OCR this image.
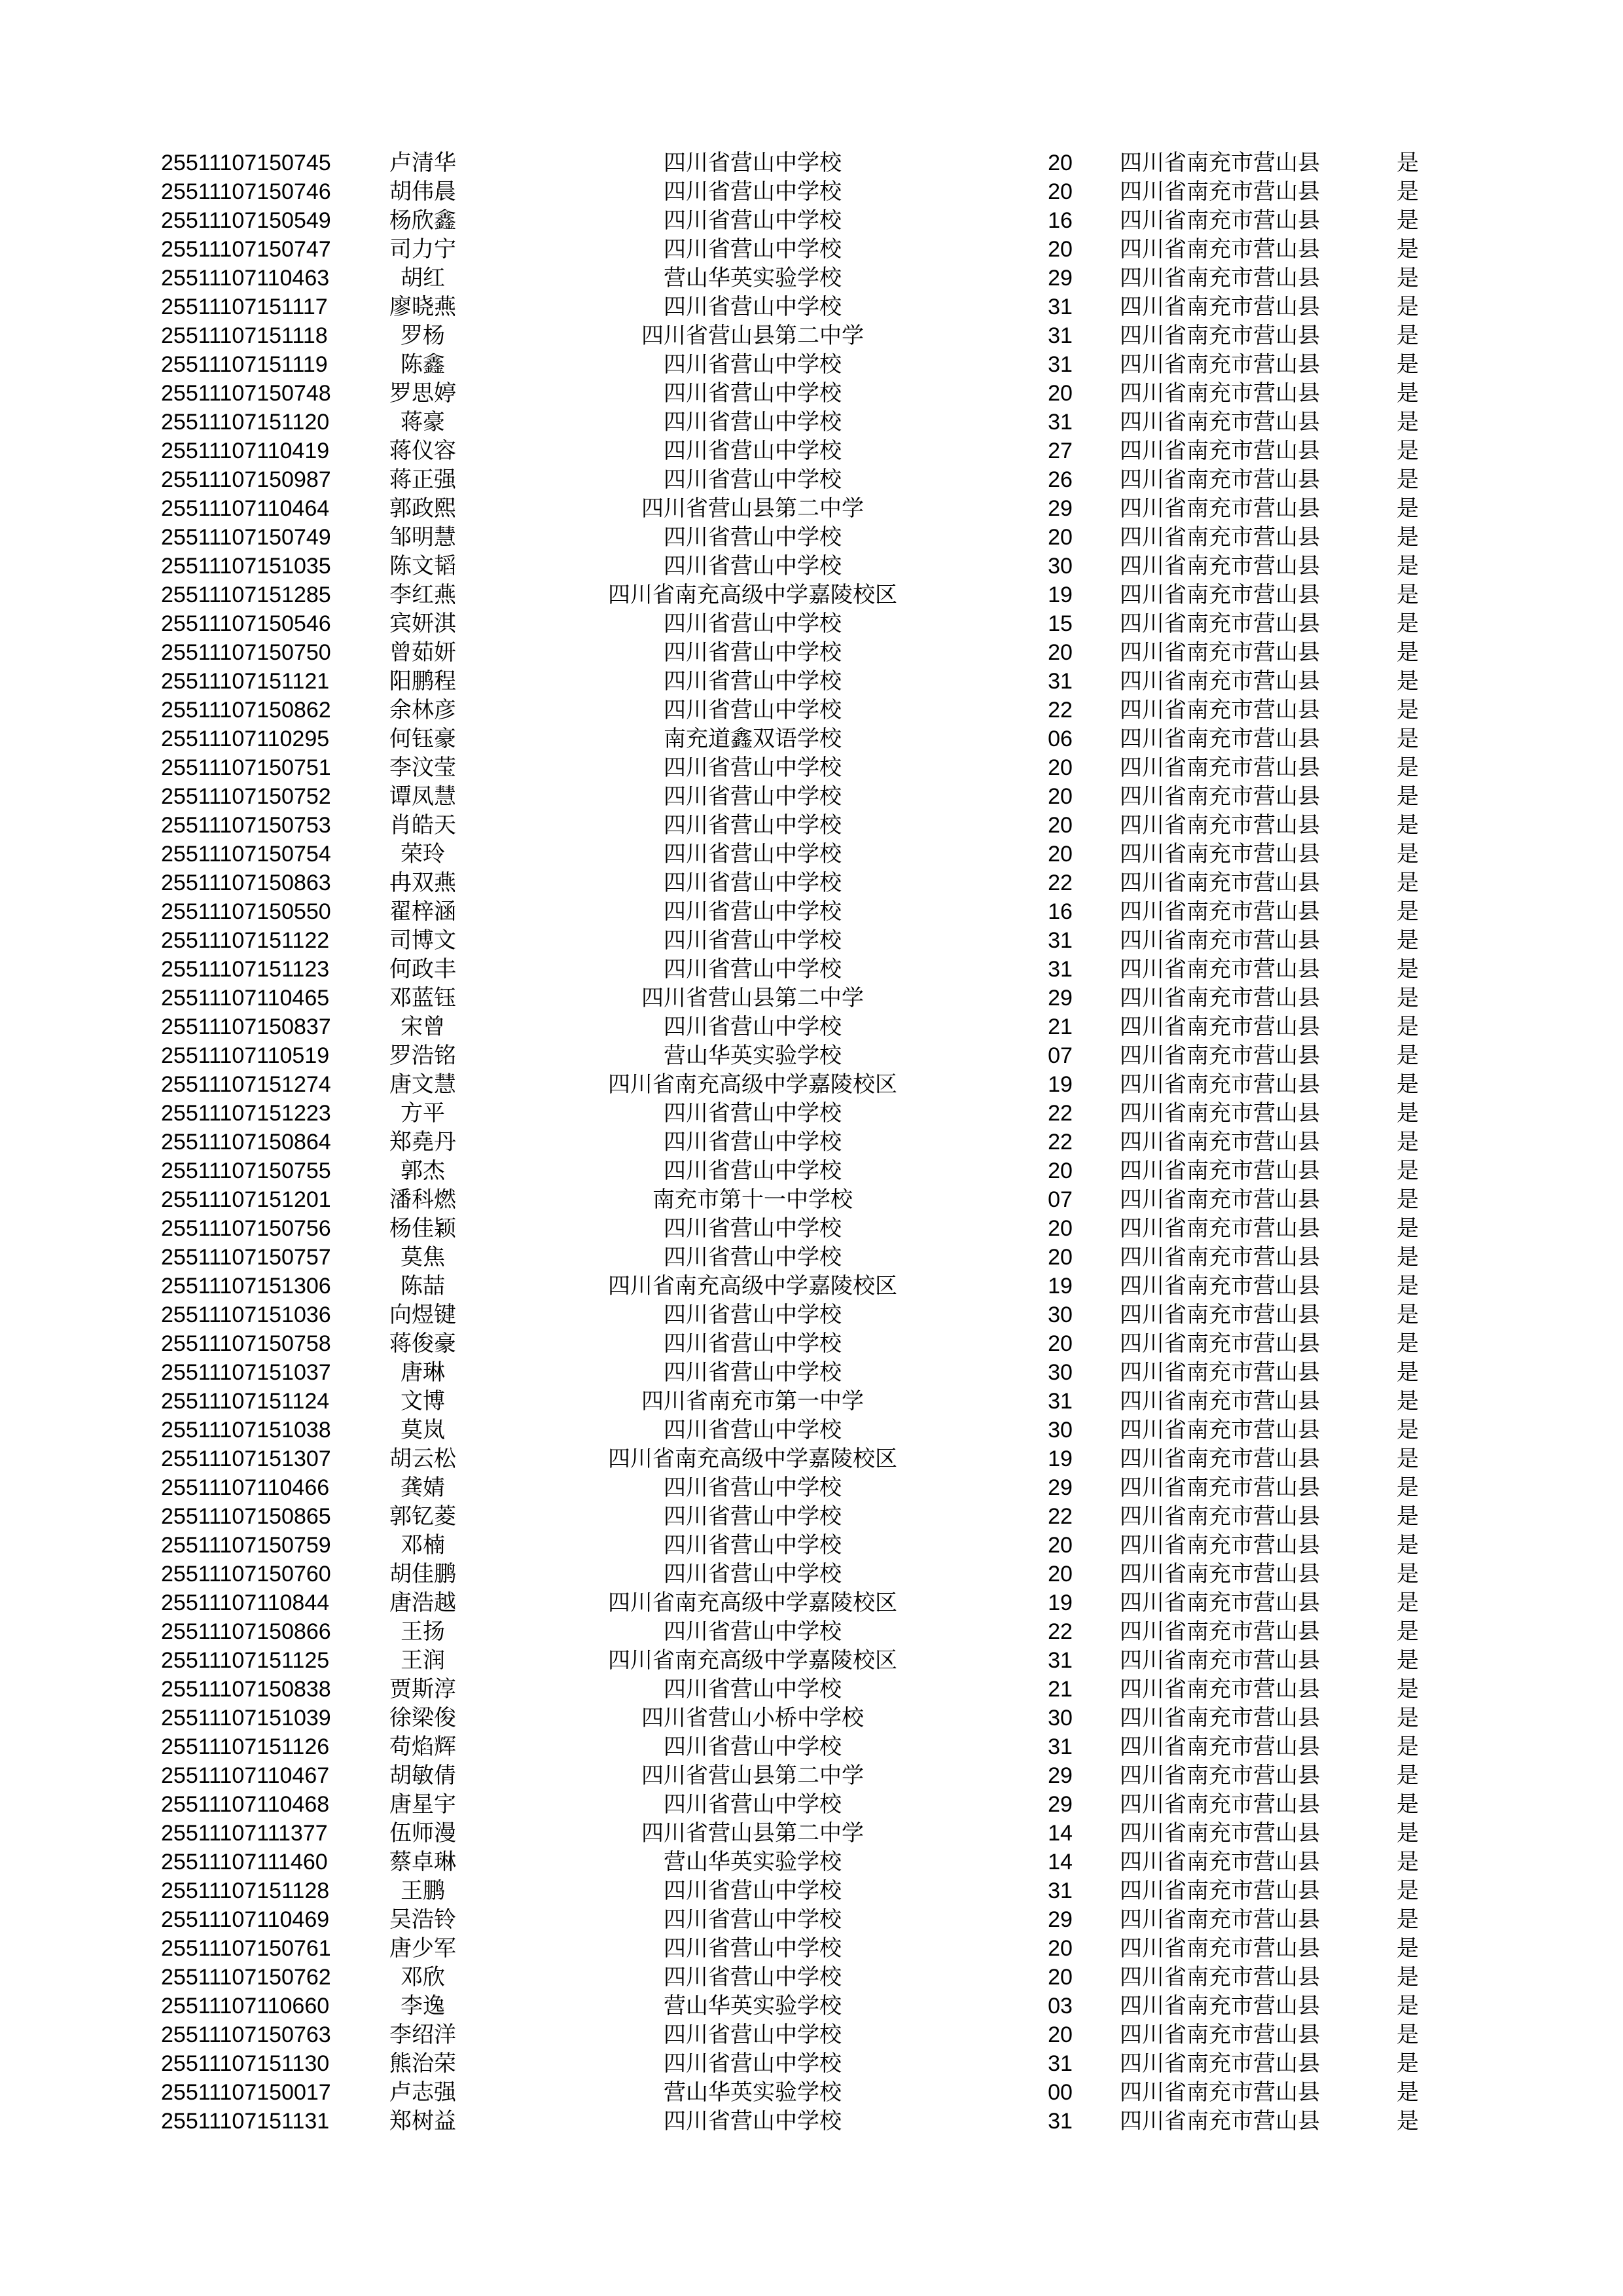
25511107150745	卢清华	四川省营山中学校	20	四川省南充市营山县	是
25511107150746	胡伟晨	四川省营山中学校	20	四川省南充市营山县	是
25511107150549	杨欣鑫	四川省营山中学校	16	四川省南充市营山县	是
25511107150747	司力宁	四川省营山中学校	20	四川省南充市营山县	是
25511107110463	胡红	营山华英实验学校	29	四川省南充市营山县	是
25511107151117	廖晓燕	四川省营山中学校	31	四川省南充市营山县	是
25511107151118	罗杨	四川省营山县第二中学	31	四川省南充市营山县	是
25511107151119	陈鑫	四川省营山中学校	31	四川省南充市营山县	是
25511107150748	罗思婷	四川省营山中学校	20	四川省南充市营山县	是
25511107151120	蒋豪	四川省营山中学校	31	四川省南充市营山县	是
25511107110419	蒋仪容	四川省营山中学校	27	四川省南充市营山县	是
25511107150987	蒋正强	四川省营山中学校	26	四川省南充市营山县	是
25511107110464	郭政熙	四川省营山县第二中学	29	四川省南充市营山县	是
25511107150749	邹明慧	四川省营山中学校	20	四川省南充市营山县	是
25511107151035	陈文韬	四川省营山中学校	30	四川省南充市营山县	是
25511107151285	李红燕	四川省南充高级中学嘉陵校区	19	四川省南充市营山县	是
25511107150546	宾妍淇	四川省营山中学校	15	四川省南充市营山县	是
25511107150750	曾茹妍	四川省营山中学校	20	四川省南充市营山县	是
25511107151121	阳鹏程	四川省营山中学校	31	四川省南充市营山县	是
25511107150862	余林彦	四川省营山中学校	22	四川省南充市营山县	是
25511107110295	何钰豪	南充道鑫双语学校	06	四川省南充市营山县	是
25511107150751	李汶莹	四川省营山中学校	20	四川省南充市营山县	是
25511107150752	谭凤慧	四川省营山中学校	20	四川省南充市营山县	是
25511107150753	肖皓天	四川省营山中学校	20	四川省南充市营山县	是
25511107150754	荣玲	四川省营山中学校	20	四川省南充市营山县	是
25511107150863	冉双燕	四川省营山中学校	22	四川省南充市营山县	是
25511107150550	翟梓涵	四川省营山中学校	16	四川省南充市营山县	是
25511107151122	司博文	四川省营山中学校	31	四川省南充市营山县	是
25511107151123	何政丰	四川省营山中学校	31	四川省南充市营山县	是
25511107110465	邓蓝钰	四川省营山县第二中学	29	四川省南充市营山县	是
25511107150837	宋曾	四川省营山中学校	21	四川省南充市营山县	是
25511107110519	罗浩铭	营山华英实验学校	07	四川省南充市营山县	是
25511107151274	唐文慧	四川省南充高级中学嘉陵校区	19	四川省南充市营山县	是
25511107151223	方平	四川省营山中学校	22	四川省南充市营山县	是
25511107150864	郑堯丹	四川省营山中学校	22	四川省南充市营山县	是
25511107150755	郭杰	四川省营山中学校	20	四川省南充市营山县	是
25511107151201	潘科燃	南充市第十一中学校	07	四川省南充市营山县	是
25511107150756	杨佳颖	四川省营山中学校	20	四川省南充市营山县	是
25511107150757	莫焦	四川省营山中学校	20	四川省南充市营山县	是
25511107151306	陈喆	四川省南充高级中学嘉陵校区	19	四川省南充市营山县	是
25511107151036	向煜键	四川省营山中学校	30	四川省南充市营山县	是
25511107150758	蒋俊豪	四川省营山中学校	20	四川省南充市营山县	是
25511107151037	唐琳	四川省营山中学校	30	四川省南充市营山县	是
25511107151124	文博	四川省南充市第一中学	31	四川省南充市营山县	是
25511107151038	莫岚	四川省营山中学校	30	四川省南充市营山县	是
25511107151307	胡云松	四川省南充高级中学嘉陵校区	19	四川省南充市营山县	是
25511107110466	龚婧	四川省营山中学校	29	四川省南充市营山县	是
25511107150865	郭钇菱	四川省营山中学校	22	四川省南充市营山县	是
25511107150759	邓楠	四川省营山中学校	20	四川省南充市营山县	是
25511107150760	胡佳鹏	四川省营山中学校	20	四川省南充市营山县	是
25511107110844	唐浩越	四川省南充高级中学嘉陵校区	19	四川省南充市营山县	是
25511107150866	王扬	四川省营山中学校	22	四川省南充市营山县	是
25511107151125	王润	四川省南充高级中学嘉陵校区	31	四川省南充市营山县	是
25511107150838	贾斯淳	四川省营山中学校	21	四川省南充市营山县	是
25511107151039	徐梁俊	四川省营山小桥中学校	30	四川省南充市营山县	是
25511107151126	苟焰辉	四川省营山中学校	31	四川省南充市营山县	是
25511107110467	胡敏倩	四川省营山县第二中学	29	四川省南充市营山县	是
25511107110468	唐星宇	四川省营山中学校	29	四川省南充市营山县	是
25511107111377	伍师漫	四川省营山县第二中学	14	四川省南充市营山县	是
25511107111460	蔡卓琳	营山华英实验学校	14	四川省南充市营山县	是
25511107151128	王鹏	四川省营山中学校	31	四川省南充市营山县	是
25511107110469	吴浩铃	四川省营山中学校	29	四川省南充市营山县	是
25511107150761	唐少军	四川省营山中学校	20	四川省南充市营山县	是
25511107150762	邓欣	四川省营山中学校	20	四川省南充市营山县	是
25511107110660	李逸	营山华英实验学校	03	四川省南充市营山县	是
25511107150763	李绍洋	四川省营山中学校	20	四川省南充市营山县	是
25511107151130	熊治荣	四川省营山中学校	31	四川省南充市营山县	是
25511107150017	卢志强	营山华英实验学校	00	四川省南充市营山县	是
25511107151131	郑树益	四川省营山中学校	31	四川省南充市营山县	是
